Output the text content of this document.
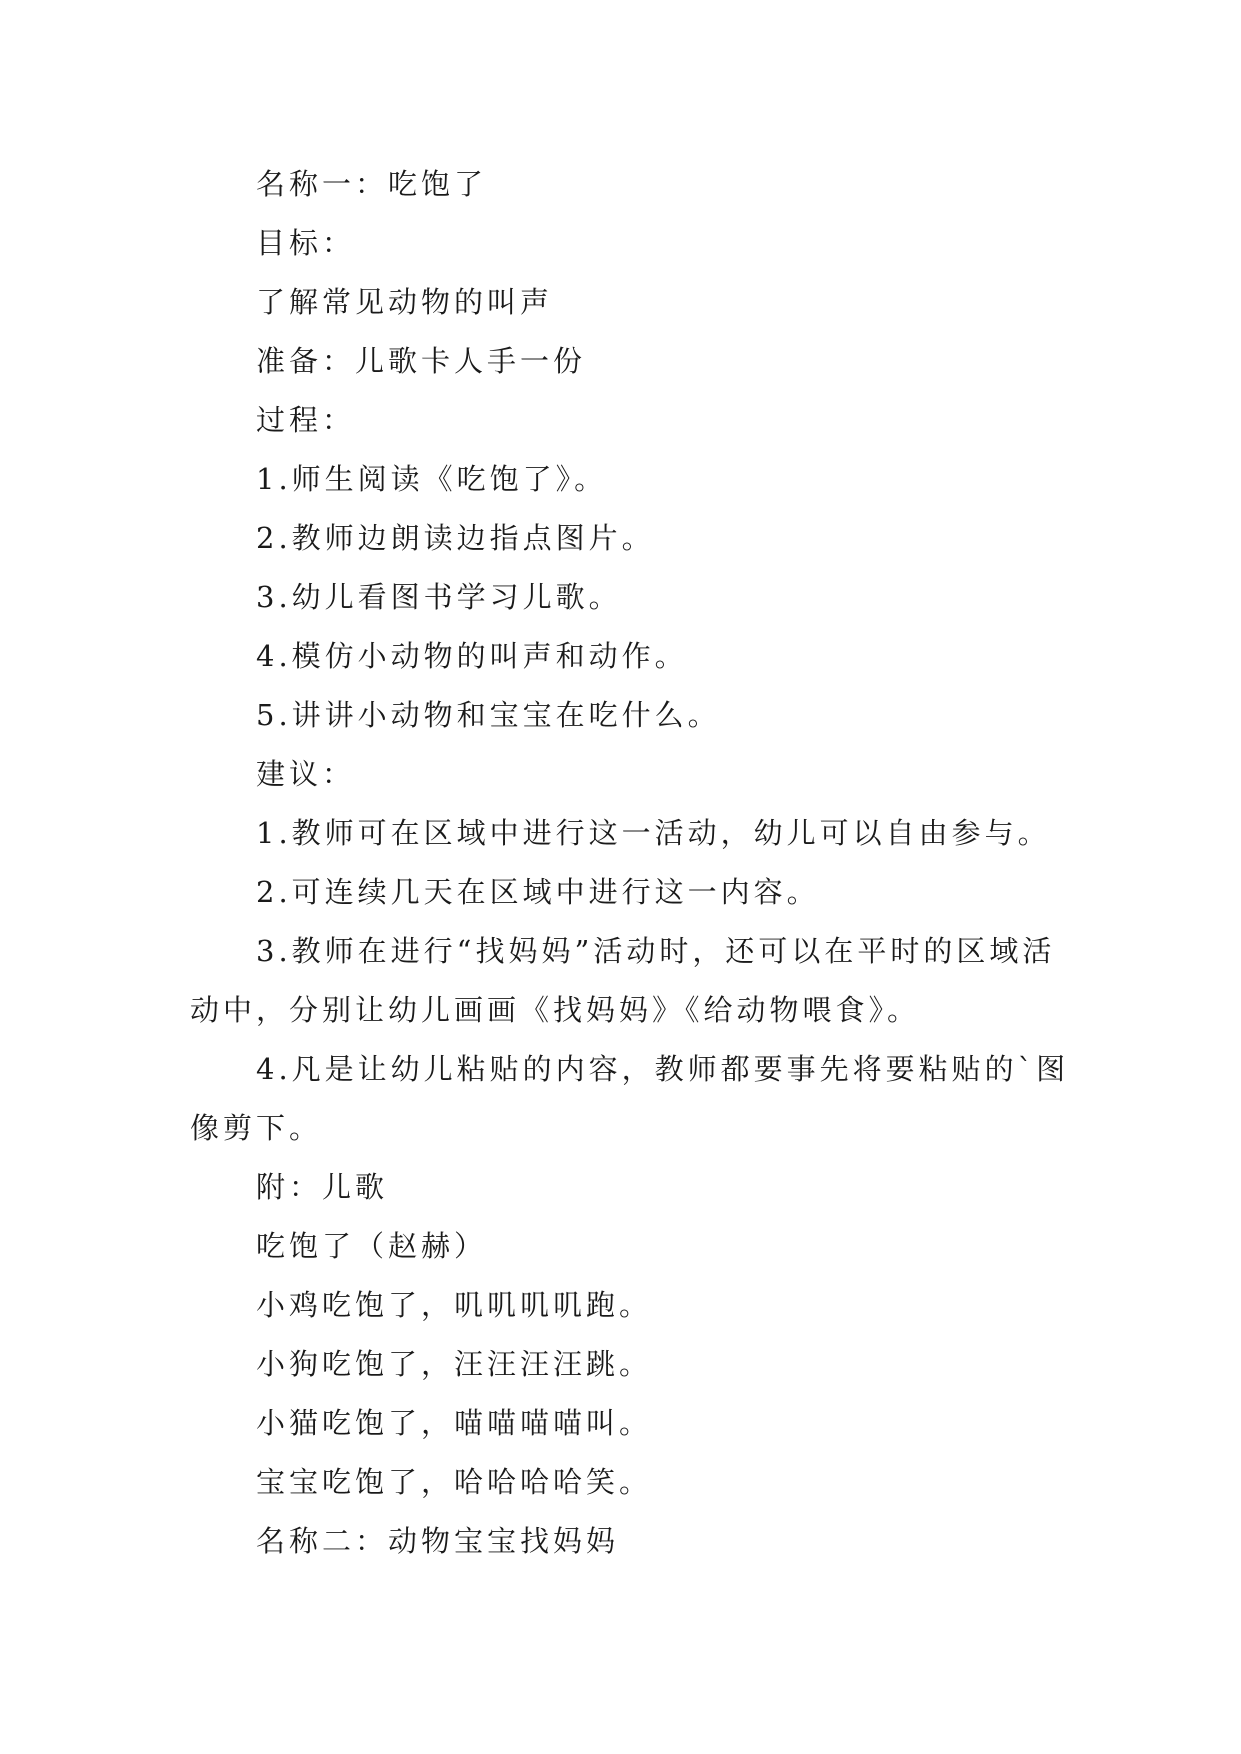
名称一：吃饱了

目标：

了解常见动物的叫声

准备：儿歌卡人手一份

过程：

1.师生阅读《吃饱了》。

2.教师边朗读边指点图片。

3.幼儿看图书学习儿歌。

4.模仿小动物的叫声和动作。

5.讲讲小动物和宝宝在吃什么。

建议：

1.教师可在区域中进行这一活动，幼儿可以自由参与。

2.可连续几天在区域中进行这一内容。

3.教师在进行“找妈妈”活动时，还可以在平时的区域活动中，分别让幼儿画画《找妈妈》《给动物喂食》。

4.凡是让幼儿粘贴的内容，教师都要事先将要粘贴的`图像剪下。

附：儿歌

吃饱了（赵赫）

小鸡吃饱了，叽叽叽叽跑。

小狗吃饱了，汪汪汪汪跳。

小猫吃饱了，喵喵喵喵叫。

宝宝吃饱了，哈哈哈哈笑。

名称二：动物宝宝找妈妈
